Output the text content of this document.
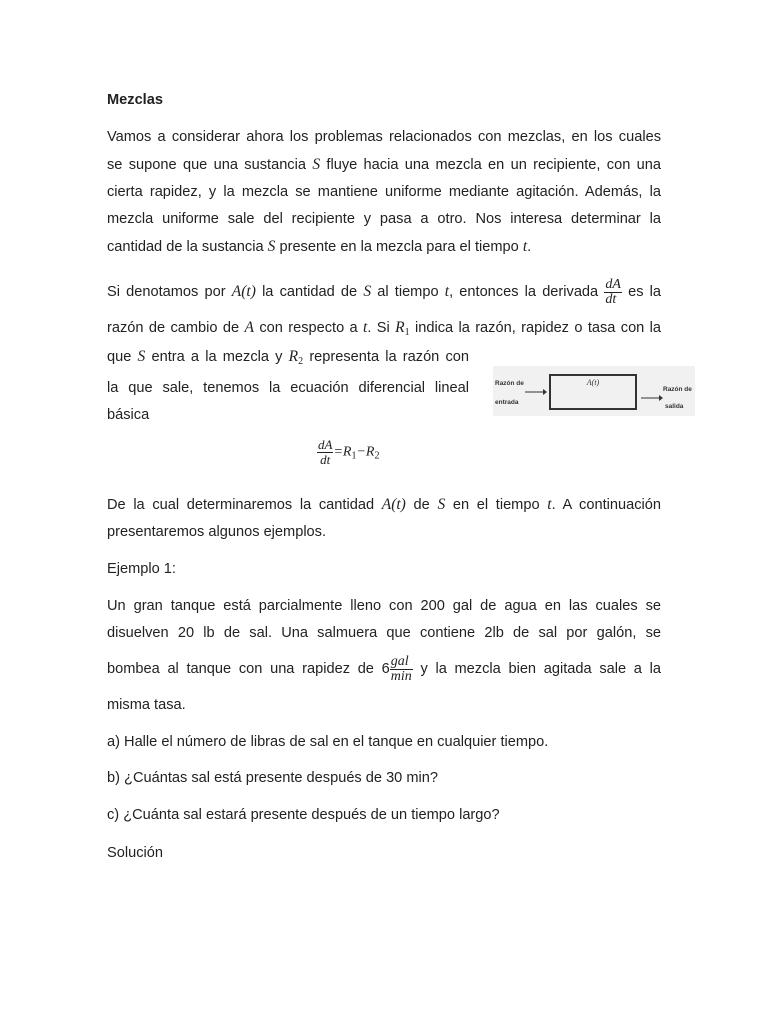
Mezclas
Vamos a considerar ahora los problemas relacionados con mezclas, en los cuales
se supone que una sustancia S fluye hacia una mezcla en un recipiente, con una
cierta rapidez, y la mezcla se mantiene uniforme mediante agitación. Además, la
mezcla uniforme sale del recipiente y pasa a otro. Nos interesa determinar la
cantidad de la sustancia S presente en la mezcla para el tiempo t.
Si denotamos por A(t) la cantidad de S al tiempo t, entonces la derivada $\frac{dA}{dt}$ es la
razón de cambio de A con respecto a t. Si $R_1$ indica la razón, rapidez o tasa con la
que S entra a la mezcla y $R_2$ representa la razón con
la que sale, tenemos la ecuación diferencial lineal
básica
Razón de
entrada
A(t)
Razón de
salida
$\frac{dA}{dt} =R_1-R_2$
De la cual determinaremos la cantidad A(t) de S en el tiempo t. A continuación
presentaremos algunos ejemplos.
Ejemplo 1:
Un gran tanque está parcialmente lleno con 200 gal de agua en las cuales se
disuelven 20 lb de sal. Una salmuera que contiene 2lb de sal por galón, se
bombea al tanque con una rapidez de $6 \frac{\text{gal}}{\min}$ y la mezcla bien agitada sale a la
misma tasa.
a) Halle el número de libras de sal en el tanque en cualquier tiempo.
b) ¿Cuántas sal está presente después de 30 min?
c) ¿Cuánta sal estará presente después de un tiempo largo?
Solución
